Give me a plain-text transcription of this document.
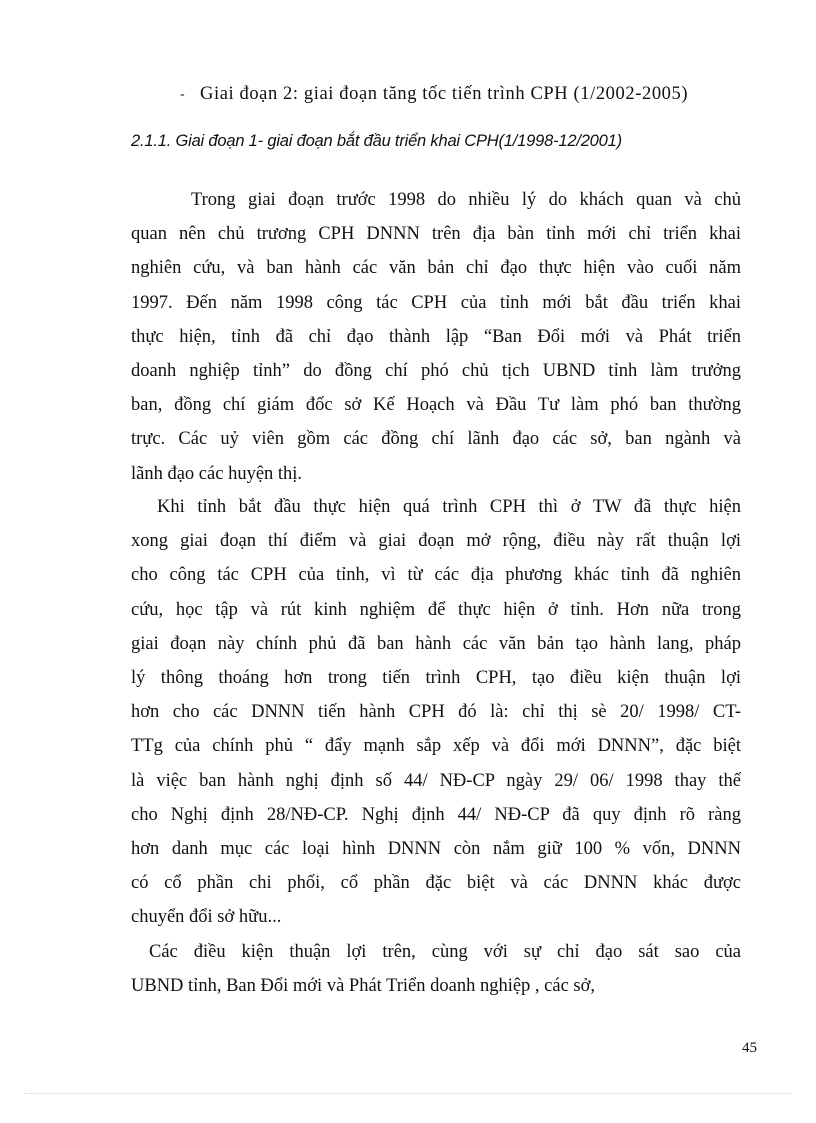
- Giai đoạn 2: giai đoạn tăng tốc tiến trình CPH (1/2002-2005)
2.1.1. Giai đoạn 1- giai đoạn bắt đầu triển khai CPH(1/1998-12/2001)
Trong giai đoạn trước 1998 do nhiều lý do khách quan và chủ
quan nên chủ trương CPH DNNN trên địa bàn tỉnh mới chỉ triển khai
nghiên cứu, và ban hành các văn bản chỉ đạo thực hiện vào cuối năm
1997. Đến năm 1998 công tác CPH của tỉnh mới bắt đầu triển khai
thực hiện, tỉnh đã chỉ đạo thành lập “Ban Đổi mới và Phát triển
doanh nghiệp tỉnh” do đồng chí phó chủ tịch UBND tỉnh làm trưởng
ban, đồng chí giám đốc sở Kế Hoạch và Đầu Tư làm phó ban thường
trực. Các uỷ viên gồm các đồng chí lãnh đạo các sở, ban ngành và
lãnh đạo các huyện thị.
Khi tỉnh bắt đầu thực hiện quá trình CPH thì ở TW đã thực hiện
xong giai đoạn thí điểm và giai đoạn mở rộng, điều này rất thuận lợi
cho công tác CPH của tỉnh, vì từ các địa phương khác tỉnh đã nghiên
cứu, học tập và rút kinh nghiệm để thực hiện ở tỉnh. Hơn nữa trong
giai đoạn này chính phủ đã ban hành các văn bản tạo hành lang, pháp
lý thông thoáng hơn trong tiến trình CPH, tạo điều kiện thuận lợi
hơn cho các DNNN tiến hành CPH đó là: chỉ thị sè 20/ 1998/ CT-
TTg của chính phủ “ đẩy mạnh sắp xếp và đổi mới DNNN”, đặc biệt
là việc ban hành nghị định số 44/ NĐ-CP ngày 29/ 06/ 1998 thay thế
cho Nghị định 28/NĐ-CP. Nghị định 44/ NĐ-CP đã quy định rõ ràng
hơn danh mục các loại hình DNNN còn nắm giữ 100 % vốn, DNNN
có cổ phần chi phối, cổ phần đặc biệt và các DNNN khác được
chuyển đổi sở hữu...
Các điều kiện thuận lợi trên, cùng với sự chỉ đạo sát sao của
UBND tỉnh, Ban Đổi mới và Phát Triển doanh nghiệp , các sở,
45
